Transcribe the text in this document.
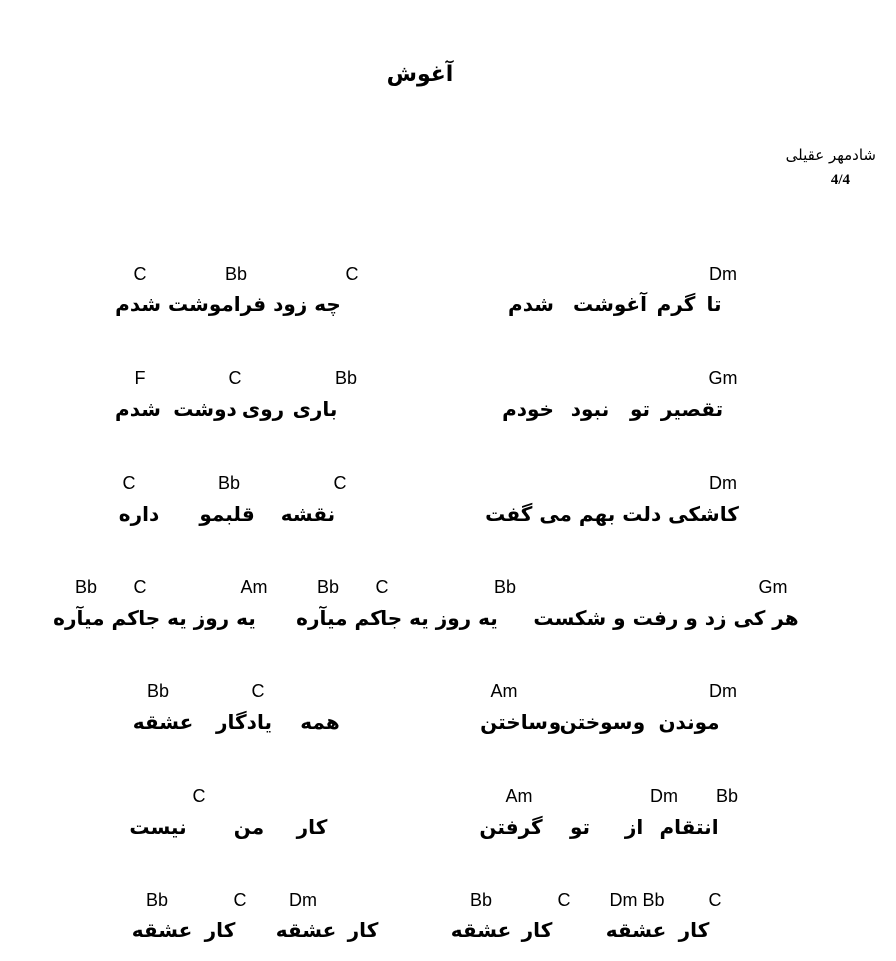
آغوش
شادمهر عقیلی
4/4
C	Bb	C	Dm
چه زود فراموشت شدم	تا
گرم
آغوشت
شدم
F	C	Bb	Gm
باری
روی
دوشت
شدم	تقصیر
تو
نبود
خودم
C	Bb	C	Dm
نقشه
قلبمو
داره	کاشکی دلت بهم می گفت
Bb C	Am	Bb C	Bb	Gm
یه روز یه جا
کم میآره	یه روز یه جا
کم میآره	هر کی زد و رفت و شکست
Bb	C	Am	Dm
همه
یادگار
عشقه	موندن
و
سوختن
و
ساختن
C	Am	Dm Bb
کار
من
نیست	انتقام
از
تو
گرفتن
Bb	C Dm	Bb	C Dm Bb C
کار
عشقه
کار
عشقه	کار
عشقه
کار
عشقه
